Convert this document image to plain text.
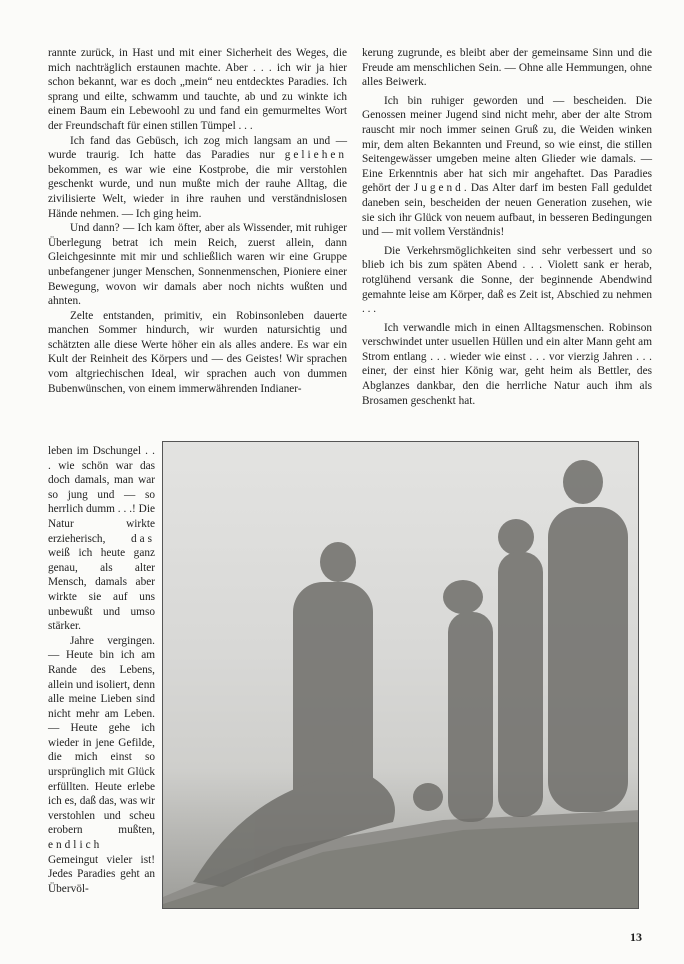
rannte zurück, in Hast und mit einer Sicherheit des Weges, die mich nachträglich erstaunen machte. Aber . . . ich wir ja hier schon bekannt, war es doch „mein“ neu entdecktes Paradies. Ich sprang und eilte, schwamm und tauchte, ab und zu winkte ich einem Baum ein Lebewoohl zu und fand ein gemurmeltes Wort der Freundschaft für einen stillen Tümpel . . .

Ich fand das Gebüsch, ich zog mich langsam an und — wurde traurig. Ich hatte das Paradies nur geliehen bekommen, es war wie eine Kostprobe, die mir verstohlen geschenkt wurde, und nun mußte mich der rauhe Alltag, die zivilisierte Welt, wieder in ihre rauhen und verständnislosen Hände nehmen. — Ich ging heim.

Und dann? — Ich kam öfter, aber als Wissender, mit ruhiger Überlegung betrat ich mein Reich, zuerst allein, dann Gleichgesinnte mit mir und schließlich waren wir eine Gruppe unbefangener junger Menschen, Sonnenmenschen, Pioniere einer Bewegung, wovon wir damals aber noch nichts wußten und ahnten.

Zelte entstanden, primitiv, ein Robinsonleben dauerte manchen Sommer hindurch, wir wurden natursichtig und schätzten alle diese Werte höher ein als alles andere. Es war ein Kult der Reinheit des Körpers und — des Geistes! Wir sprachen vom altgriechischen Ideal, wir sprachen auch von dummen Bubenwünschen, von einem immerwährenden Indianer-

leben im Dschungel . . . wie schön war das doch damals, man war so jung und — so herrlich dumm . . .! Die Natur wirkte erzieherisch, das weiß ich heute ganz genau, als alter Mensch, damals aber wirkte sie auf uns unbewußt und umso stärker.

Jahre vergingen. — Heute bin ich am Rande des Lebens, allein und isoliert, denn alle meine Lieben sind nicht mehr am Leben. — Heute gehe ich wieder in jene Gefilde, die mich einst so ursprünglich mit Glück erfüllten. Heute erlebe ich es, daß das, was wir verstohlen und scheu erobern mußten, endlich Gemeingut vieler ist! Jedes Paradies geht an Übervöl-

kerung zugrunde, es bleibt aber der gemeinsame Sinn und die Freude am menschlichen Sein. — Ohne alle Hemmungen, ohne alles Beiwerk.

Ich bin ruhiger geworden und — bescheiden. Die Genossen meiner Jugend sind nicht mehr, aber der alte Strom rauscht mir noch immer seinen Gruß zu, die Weiden winken mir, dem alten Bekannten und Freund, so wie einst, die stillen Seitengewässer umgeben meine alten Glieder wie damals. — Eine Erkenntnis aber hat sich mir angehaftet. Das Paradies gehört der Jugend. Das Alter darf im besten Fall geduldet daneben sein, bescheiden der neuen Generation zusehen, wie sie sich ihr Glück von neuem aufbaut, in besseren Bedingungen und — mit vollem Verständnis!

Die Verkehrsmöglichkeiten sind sehr verbessert und so blieb ich bis zum späten Abend . . . Violett sank er herab, rotglühend versank die Sonne, der beginnende Abendwind gemahnte leise am Körper, daß es Zeit ist, Abschied zu nehmen . . .

Ich verwandle mich in einen Alltagsmenschen. Robinson verschwindet unter usuellen Hüllen und ein alter Mann geht am Strom entlang . . . wieder wie einst . . . vor vierzig Jahren . . . einer, der einst hier König war, geht heim als Bettler, des Abglanzes dankbar, den die herrliche Natur auch ihm als Brosamen geschenkt hat.

13
